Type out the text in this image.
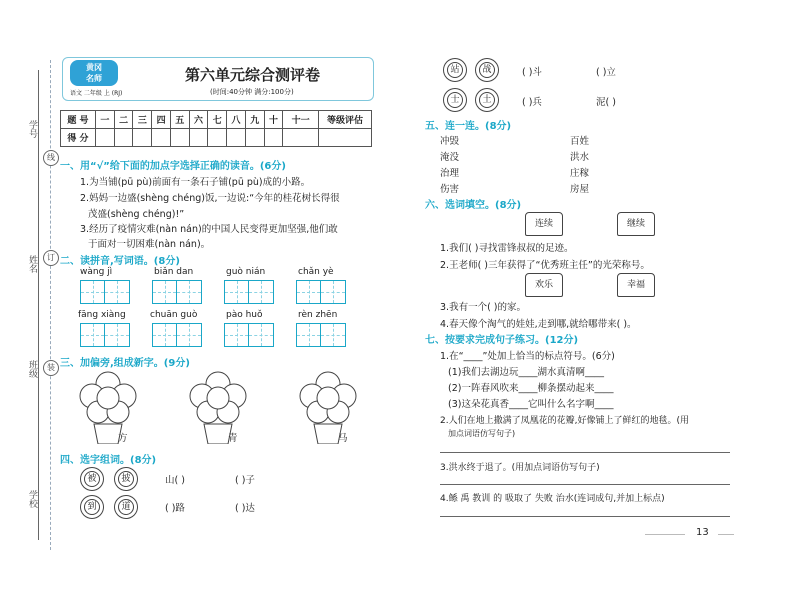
线
订
装
学号
姓名
班级
学校
黄冈
名师
语文 二年级 上 (RJ)
第六单元综合测评卷
(时间:40分钟 满分:100分)
题 号	一	二	三	四	五	六	七	八	九	十	十一	等级评估
得 分												
一、用“√”给下面的加点字选择正确的读音。(6分)
1.为当铺(pū pù)前面有一条石子铺(pū pù)成的小路。
2.妈妈一边盛(shèng chéng)饭,一边说:“今年的桂花树长得很
茂盛(shèng chéng)!”
3.经历了疫情灾难(nàn nán)的中国人民变得更加坚强,他们敢
于面对一切困难(nàn nán)。
二、读拼音,写词语。(8分)
wàng jì	biǎn dan	guò nián	chǎn yè
fāng xiàng	chuān guò	pào huǒ	rèn zhēn
三、加偏旁,组成新字。(9分)
方	青	马
四、选字组词。(8分)
被	披
到	道
山( )	( )子
( )路	( )达
站	战
士	土
( )斗	( )立
( )兵	泥( )
五、连一连。(8分)
冲毁
淹没
治理
伤害
百姓
洪水
庄稼
房屋
六、选词填空。(8分)
连续	继续
1.我们( )寻找雷锋叔叔的足迹。
2.王老师( )三年获得了“优秀班主任”的光荣称号。
欢乐	幸福
3.我有一个( )的家。
4.春天像个淘气的娃娃,走到哪,就给哪带来( )。
七、按要求完成句子练习。(12分)
1.在“____”处加上恰当的标点符号。(6分)
(1)我们去湖边玩____湖水真清啊____
(2)一阵春风吹来____柳条摆动起来____
(3)这朵花真香____它叫什么名字啊____
2.人们在地上撒满了凤凰花的花瓣,好像铺上了鲜红的地毯。(用
加点词语仿写句子)
3.洪水终于退了。(用加点词语仿写句子)
4.鲧 禹 教训 的 吸取了 失败 治水(连词成句,并加上标点)
13
